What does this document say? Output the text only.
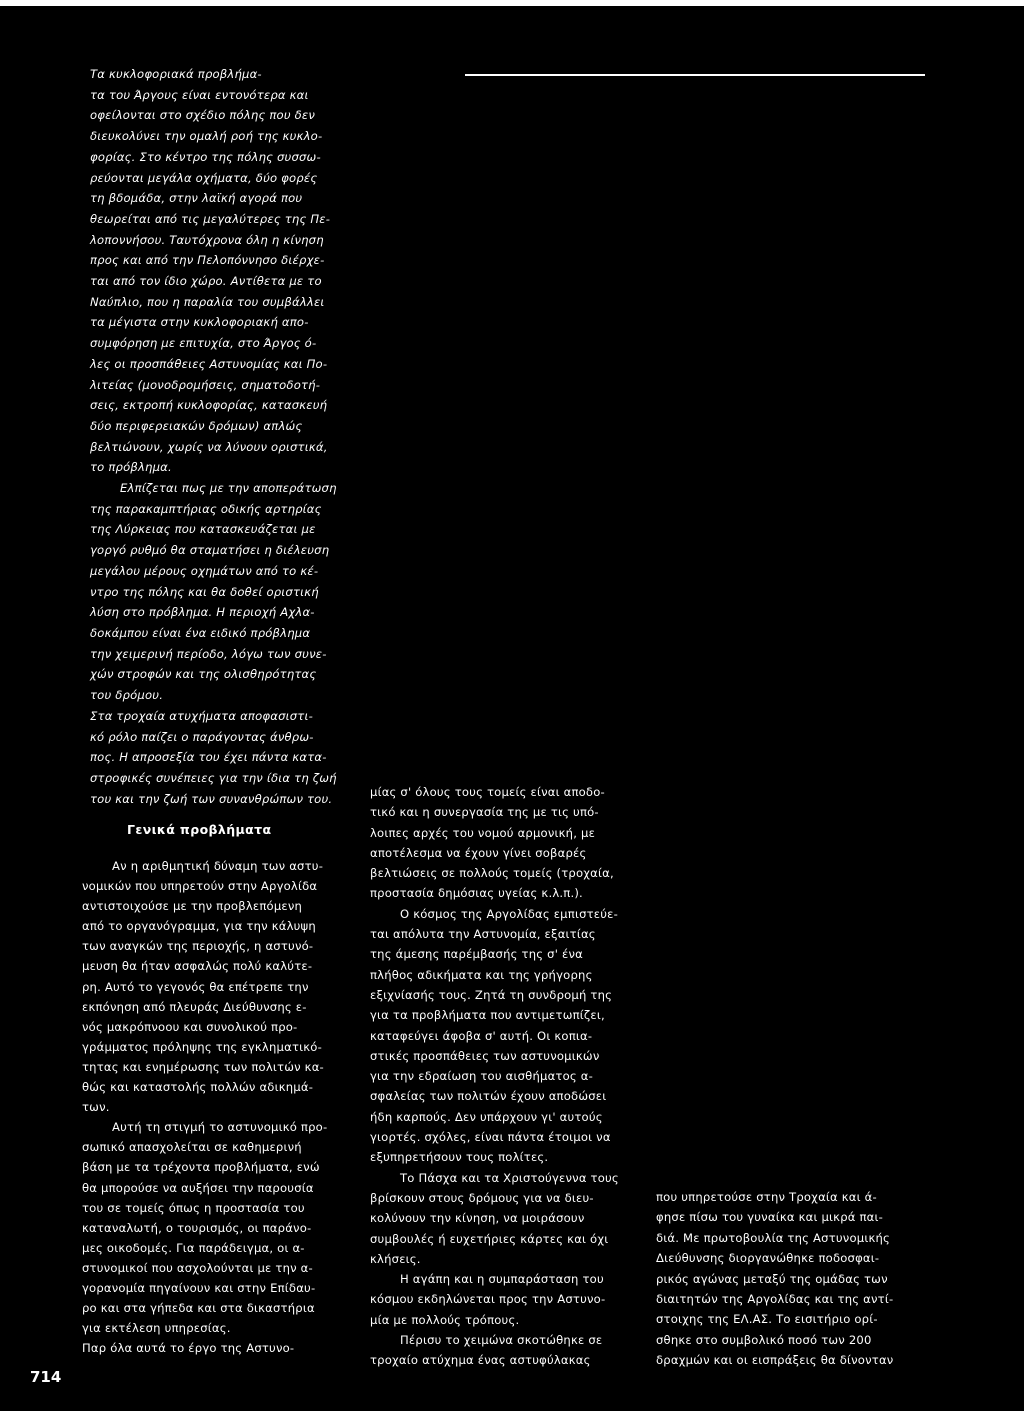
Τα κυκλοφοριακά προβλήμα-
τα του Άργους είναι εντονότερα και
οφείλονται στο σχέδιο πόλης που δεν
διευκολύνει την ομαλή ροή της κυκλο-
φορίας. Στο κέντρο της πόλης συσσω-
ρεύονται μεγάλα οχήματα, δύο φορές
τη βδομάδα, στην λαϊκή αγορά που
θεωρείται από τις μεγαλύτερες της Πε-
λοποννήσου. Ταυτόχρονα όλη η κίνηση
προς και από την Πελοπόννησο διέρχε-
ται από τον ίδιο χώρο. Αντίθετα με το
Ναύπλιο, που η παραλία του συμβάλλει
τα μέγιστα στην κυκλοφοριακή απο-
συμφόρηση με επιτυχία, στο Άργος ό-
λες οι προσπάθειες Αστυνομίας και Πο-
λιτείας (μονοδρομήσεις, σηματοδοτή-
σεις, εκτροπή κυκλοφορίας, κατασκευή
δύο περιφερειακών δρόμων) απλώς
βελτιώνουν, χωρίς να λύνουν οριστικά,
το πρόβλημα.
Ελπίζεται πως με την αποπεράτωση
της παρακαμπτήριας οδικής αρτηρίας
της Λύρκειας που κατασκευάζεται με
γοργό ρυθμό θα σταματήσει η διέλευση
μεγάλου μέρους οχημάτων από το κέ-
ντρο της πόλης και θα δοθεί οριστική
λύση στο πρόβλημα. Η περιοχή Αχλα-
δοκάμπου είναι ένα ειδικό πρόβλημα
την χειμερινή περίοδο, λόγω των συνε-
χών στροφών και της ολισθηρότητας
του δρόμου.
Στα τροχαία ατυχήματα αποφασιστι-
κό ρόλο παίζει ο παράγοντας άνθρω-
πος. Η απροσεξία του έχει πάντα κατα-
στροφικές συνέπειες για την ίδια τη ζωή
του και την ζωή των συνανθρώπων του.
Γενικά προβλήματα
Αν η αριθμητική δύναμη των αστυ-
νομικών που υπηρετούν στην Αργολίδα
αντιστοιχούσε με την προβλεπόμενη
από το οργανόγραμμα, για την κάλυψη
των αναγκών της περιοχής, η αστυνό-
μευση θα ήταν ασφαλώς πολύ καλύτε-
ρη. Αυτό το γεγονός θα επέτρεπε την
εκπόνηση από πλευράς Διεύθυνσης ε-
νός μακρόπνοου και συνολικού προ-
γράμματος πρόληψης της εγκληματικό-
τητας και ενημέρωσης των πολιτών κα-
θώς και καταστολής πολλών αδικημά-
των.
Αυτή τη στιγμή το αστυνομικό προ-
σωπικό απασχολείται σε καθημερινή
βάση με τα τρέχοντα προβλήματα, ενώ
θα μπορούσε να αυξήσει την παρουσία
του σε τομείς όπως η προστασία του
καταναλωτή, ο τουρισμός, οι παράνο-
μες οικοδομές. Για παράδειγμα, οι α-
στυνομικοί που ασχολούνται με την α-
γορανομία πηγαίνουν και στην Επίδαυ-
ρο και στα γήπεδα και στα δικαστήρια
για εκτέλεση υπηρεσίας.
Παρ όλα αυτά το έργο της Αστυνο-
μίας σ' όλους τους τομείς είναι αποδο-
τικό και η συνεργασία της με τις υπό-
λοιπες αρχές του νομού αρμονική, με
αποτέλεσμα να έχουν γίνει σοβαρές
βελτιώσεις σε πολλούς τομείς (τροχαία,
προστασία δημόσιας υγείας κ.λ.π.).
Ο κόσμος της Αργολίδας εμπιστεύε-
ται απόλυτα την Αστυνομία, εξαιτίας
της άμεσης παρέμβασής της σ' ένα
πλήθος αδικήματα και της γρήγορης
εξιχνίασής τους. Ζητά τη συνδρομή της
για τα προβλήματα που αντιμετωπίζει,
καταφεύγει άφοβα σ' αυτή. Οι κοπια-
στικές προσπάθειες των αστυνομικών
για την εδραίωση του αισθήματος α-
σφαλείας των πολιτών έχουν αποδώσει
ήδη καρπούς. Δεν υπάρχουν γι' αυτούς
γιορτές. σχόλες, είναι πάντα έτοιμοι να
εξυπηρετήσουν τους πολίτες.
Το Πάσχα και τα Χριστούγεννα τους
βρίσκουν στους δρόμους για να διευ-
κολύνουν την κίνηση, να μοιράσουν
συμβουλές ή ευχετήριες κάρτες και όχι
κλήσεις.
Η αγάπη και η συμπαράσταση του
κόσμου εκδηλώνεται προς την Αστυνο-
μία με πολλούς τρόπους.
Πέρισυ το χειμώνα σκοτώθηκε σε
τροχαίο ατύχημα ένας αστυφύλακας
που υπηρετούσε στην Τροχαία και ά-
φησε πίσω του γυναίκα και μικρά παι-
διά. Με πρωτοβουλία της Αστυνομικής
Διεύθυνσης διοργανώθηκε ποδοσφαι-
ρικός αγώνας μεταξύ της ομάδας των
διαιτητών της Αργολίδας και της αντί-
στοιχης της ΕΛ.ΑΣ. Το εισιτήριο ορί-
σθηκε στο συμβολικό ποσό των 200
δραχμών και οι εισπράξεις θα δίνονταν
714
